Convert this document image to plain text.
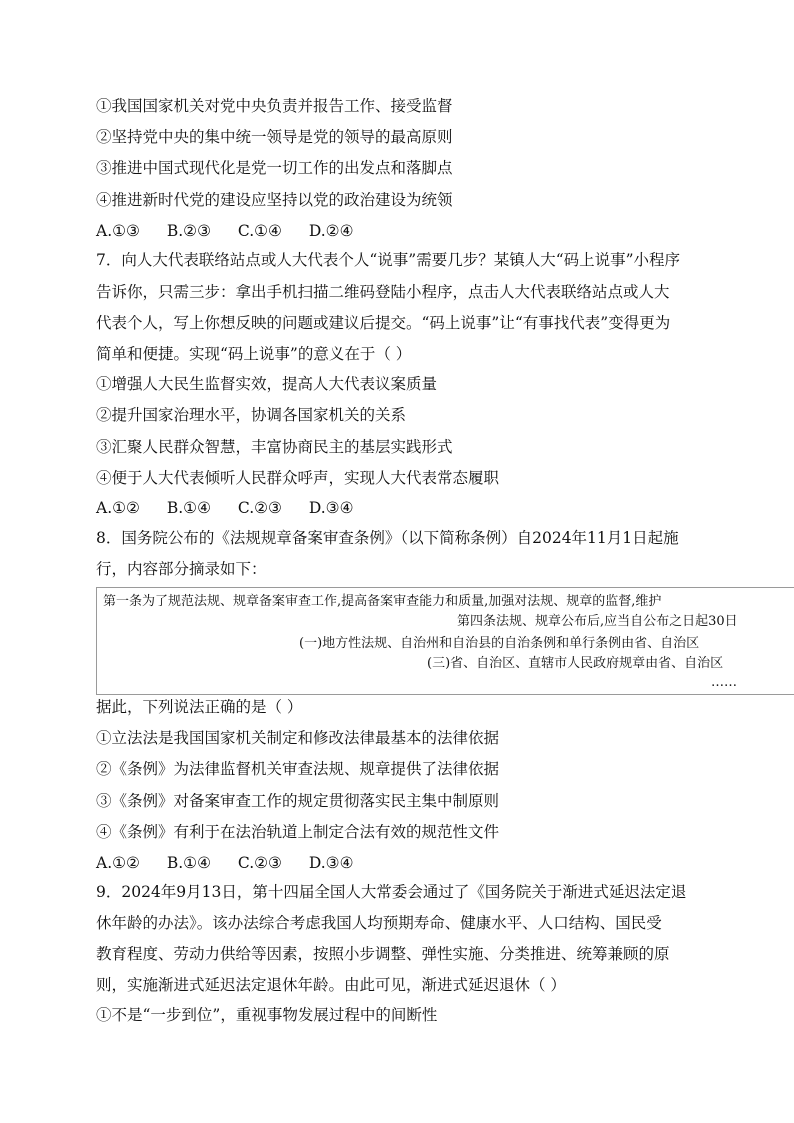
①我国国家机关对党中央负责并报告工作、接受监督
②坚持党中央的集中统一领导是党的领导的最高原则
③推进中国式现代化是党一切工作的出发点和落脚点
④推进新时代党的建设应坚持以党的政治建设为统领
A.①③ B.②③ C.①④ D.②④
7．向人大代表联络站点或人大代表个人“说事”需要几步？某镇人大“码上说事”小程序
告诉你，只需三步：拿出手机扫描二维码登陆小程序，点击人大代表联络站点或人大
代表个人，写上你想反映的问题或建议后提交。“码上说事”让“有事找代表”变得更为
简单和便捷。实现“码上说事”的意义在于（ ）
①增强人大民生监督实效，提高人大代表议案质量
②提升国家治理水平，协调各国家机关的关系
③汇聚人民群众智慧，丰富协商民主的基层实践形式
④便于人大代表倾听人民群众呼声，实现人大代表常态履职
A.①② B.①④ C.②③ D.③④
8．国务院公布的《法规规章备案审查条例》（以下简称条例）自2024年11月1日起施
行，内容部分摘录如下：
第一条为了规范法规、规章备案审查工作,提高备案审查能力和质量,加强对法规、规章的监督,维护
第四条法规、规章公布后,应当自公布之日起30日
(一)地方性法规、自治州和自治县的自治条例和单行条例由省、自治区
(三)省、自治区、直辖市人民政府规章由省、自治区
……
据此，下列说法正确的是（ ）
①立法法是我国国家机关制定和修改法律最基本的法律依据
②《条例》为法律监督机关审查法规、规章提供了法律依据
③《条例》对备案审查工作的规定贯彻落实民主集中制原则
④《条例》有利于在法治轨道上制定合法有效的规范性文件
A.①② B.①④ C.②③ D.③④
9．2024年9月13日，第十四届全国人大常委会通过了《国务院关于渐进式延迟法定退
休年龄的办法》。该办法综合考虑我国人均预期寿命、健康水平、人口结构、国民受
教育程度、劳动力供给等因素，按照小步调整、弹性实施、分类推进、统筹兼顾的原
则，实施渐进式延迟法定退休年龄。由此可见，渐进式延迟退休（ ）
①不是“一步到位”，重视事物发展过程中的间断性
